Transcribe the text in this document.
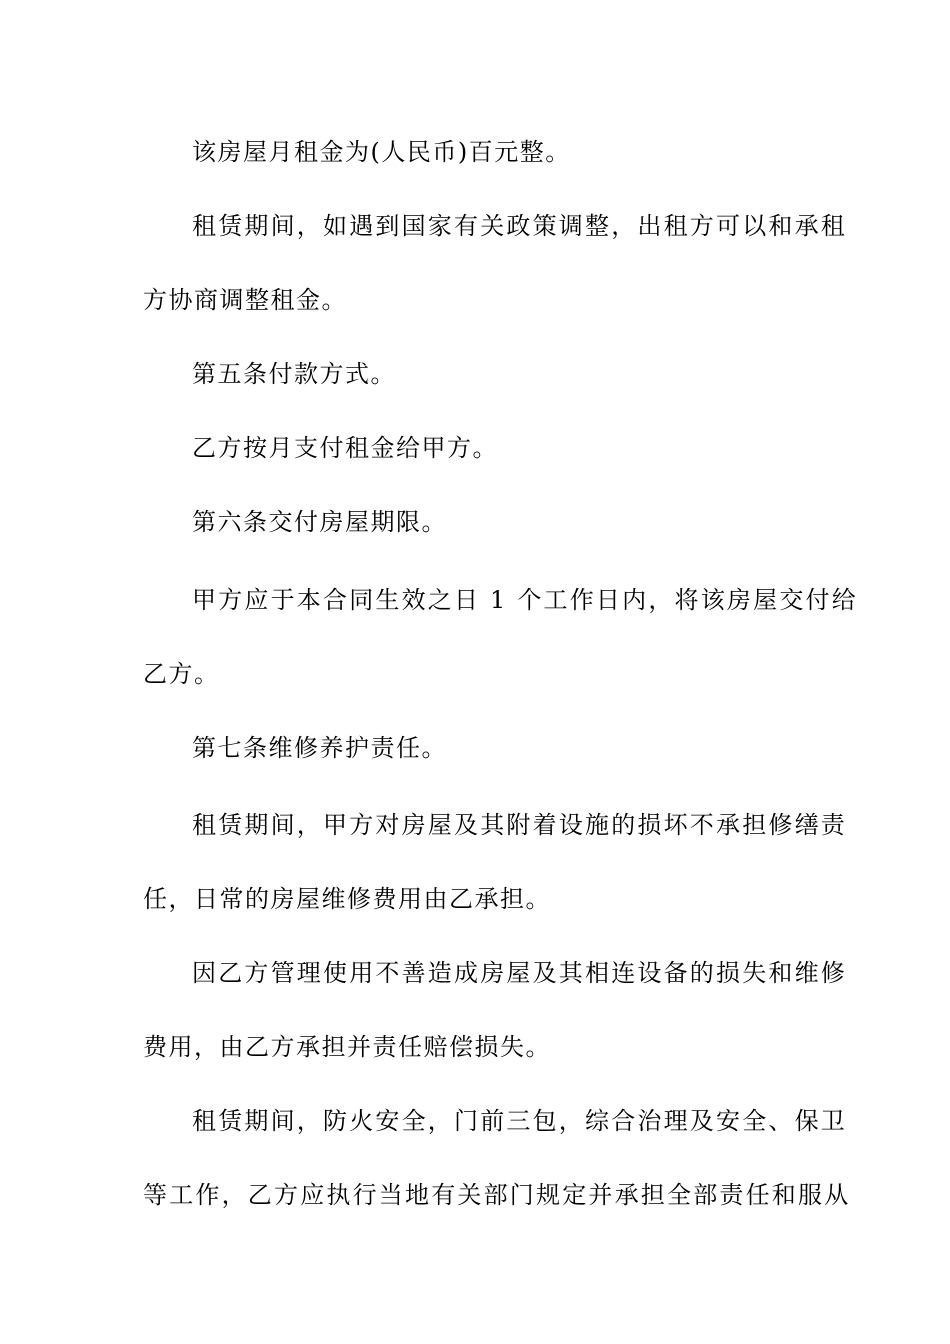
该房屋月租金为(人民币)百元整。
租赁期间，如遇到国家有关政策调整，出租方可以和承租
方协商调整租金。
第五条付款方式。
乙方按月支付租金给甲方。
第六条交付房屋期限。
甲方应于本合同生效之日 1 个工作日内，将该房屋交付给
乙方。
第七条维修养护责任。
租赁期间，甲方对房屋及其附着设施的损坏不承担修缮责
任，日常的房屋维修费用由乙承担。
因乙方管理使用不善造成房屋及其相连设备的损失和维修
费用，由乙方承担并责任赔偿损失。
租赁期间，防火安全，门前三包，综合治理及安全、保卫
等工作，乙方应执行当地有关部门规定并承担全部责任和服从
